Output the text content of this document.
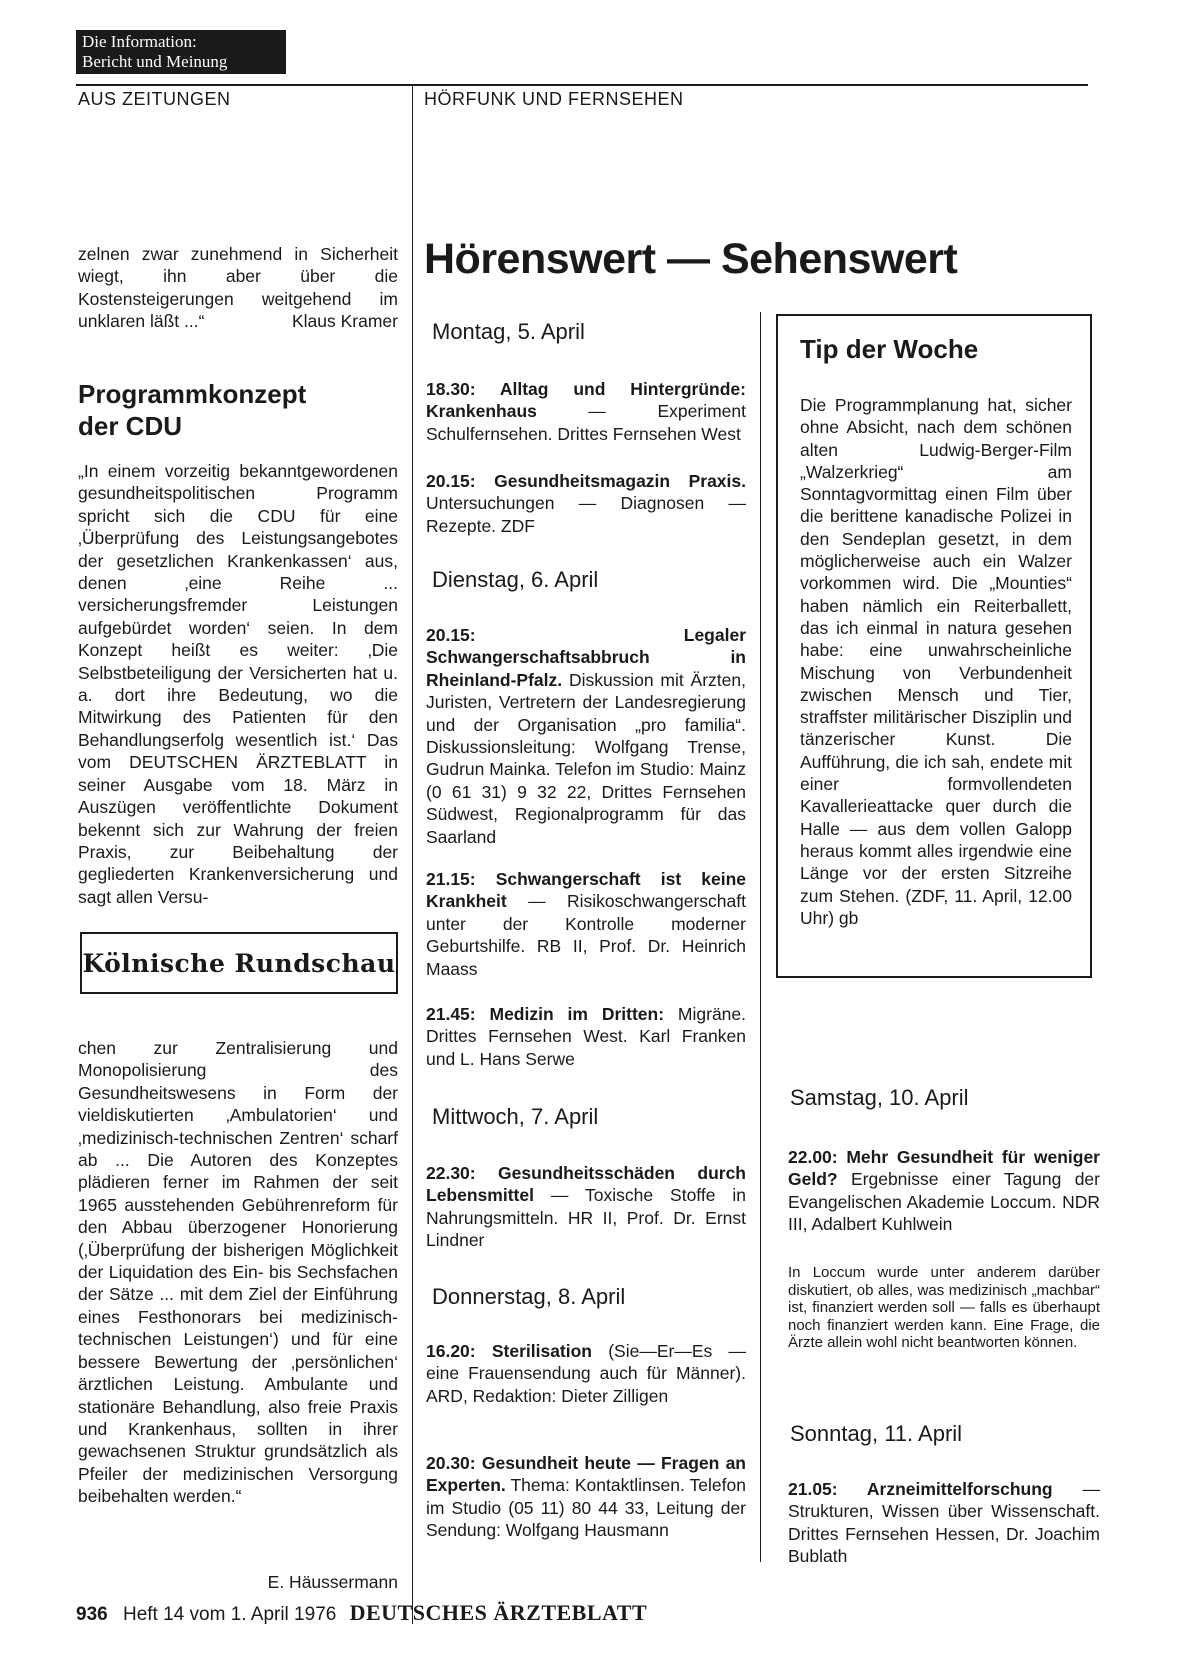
Die Information:
Bericht und Meinung
AUS ZEITUNGEN	HÖRFUNK UND FERNSEHEN
zelnen zwar zunehmend in Sicherheit wiegt, ihn aber über die Kostensteigerungen weitgehend im unklaren läßt ...“	Klaus Kramer
Programmkonzept
der CDU
„In einem vorzeitig bekanntgewordenen gesundheitspolitischen Programm spricht sich die CDU für eine ‚Überprüfung des Leistungsangebotes der gesetzlichen Krankenkassen‘ aus, denen ‚eine Reihe ... versicherungsfremder Leistungen aufgebürdet worden‘ seien. In dem Konzept heißt es weiter: ‚Die Selbstbeteiligung der Versicherten hat u. a. dort ihre Bedeutung, wo die Mitwirkung des Patienten für den Behandlungserfolg wesentlich ist.‘ Das vom DEUTSCHEN ÄRZTEBLATT in seiner Ausgabe vom 18. März in Auszügen veröffentlichte Dokument bekennt sich zur Wahrung der freien Praxis, zur Beibehaltung der gegliederten Krankenversicherung und sagt allen Versu-
Kölnische Rundschau
chen zur Zentralisierung und Monopolisierung des Gesundheitswesens in Form der vieldiskutierten ‚Ambulatorien‘ und ‚medizinisch-technischen Zentren‘ scharf ab ... Die Autoren des Konzeptes plädieren ferner im Rahmen der seit 1965 ausstehenden Gebührenreform für den Abbau überzogener Honorierung (‚Überprüfung der bisherigen Möglichkeit der Liquidation des Ein- bis Sechsfachen der Sätze ... mit dem Ziel der Einführung eines Festhonorars bei medizinisch-technischen Leistungen‘) und für eine bessere Bewertung der ‚persönlichen‘ ärztlichen Leistung. Ambulante und stationäre Behandlung, also freie Praxis und Krankenhaus, sollten in ihrer gewachsenen Struktur grundsätzlich als Pfeiler der medizinischen Versorgung beibehalten werden.“
E. Häussermann
Hörenswert — Sehenswert
Montag, 5. April
18.30: Alltag und Hintergründe: Krankenhaus — Experiment Schulfernsehen. Drittes Fernsehen West
20.15: Gesundheitsmagazin Praxis. Untersuchungen — Diagnosen — Rezepte. ZDF
Dienstag, 6. April
20.15: Legaler Schwangerschaftsabbruch in Rheinland-Pfalz. Diskussion mit Ärzten, Juristen, Vertretern der Landesregierung und der Organisation „pro familia“. Diskussionsleitung: Wolfgang Trense, Gudrun Mainka. Telefon im Studio: Mainz (0 61 31) 9 32 22, Drittes Fernsehen Südwest, Regionalprogramm für das Saarland
21.15: Schwangerschaft ist keine Krankheit — Risikoschwangerschaft unter der Kontrolle moderner Geburtshilfe. RB II, Prof. Dr. Heinrich Maass
21.45: Medizin im Dritten: Migräne. Drittes Fernsehen West. Karl Franken und L. Hans Serwe
Mittwoch, 7. April
22.30: Gesundheitsschäden durch Lebensmittel — Toxische Stoffe in Nahrungsmitteln. HR II, Prof. Dr. Ernst Lindner
Donnerstag, 8. April
16.20: Sterilisation (Sie—Er—Es — eine Frauensendung auch für Männer). ARD, Redaktion: Dieter Zilligen
20.30: Gesundheit heute — Fragen an Experten. Thema: Kontaktlinsen. Telefon im Studio (05 11) 80 44 33, Leitung der Sendung: Wolfgang Hausmann
Tip der Woche
Die Programmplanung hat, sicher ohne Absicht, nach dem schönen alten Ludwig-Berger-Film „Walzerkrieg“ am Sonntagvormittag einen Film über die berittene kanadische Polizei in den Sendeplan gesetzt, in dem möglicherweise auch ein Walzer vorkommen wird. Die „Mounties“ haben nämlich ein Reiterballett, das ich einmal in natura gesehen habe: eine unwahrscheinliche Mischung von Verbundenheit zwischen Mensch und Tier, straffster militärischer Disziplin und tänzerischer Kunst. Die Aufführung, die ich sah, endete mit einer formvollendeten Kavallerieattacke quer durch die Halle — aus dem vollen Galopp heraus kommt alles irgendwie eine Länge vor der ersten Sitzreihe zum Stehen. (ZDF, 11. April, 12.00 Uhr) gb
Samstag, 10. April
22.00: Mehr Gesundheit für weniger Geld? Ergebnisse einer Tagung der Evangelischen Akademie Loccum. NDR III, Adalbert Kuhlwein
In Loccum wurde unter anderem darüber diskutiert, ob alles, was medizinisch „machbar“ ist, finanziert werden soll — falls es überhaupt noch finanziert werden kann. Eine Frage, die Ärzte allein wohl nicht beantworten können.
Sonntag, 11. April
21.05: Arzneimittelforschung — Strukturen, Wissen über Wissenschaft. Drittes Fernsehen Hessen, Dr. Joachim Bublath
936 Heft 14 vom 1. April 1976 DEUTSCHES ÄRZTEBLATT
